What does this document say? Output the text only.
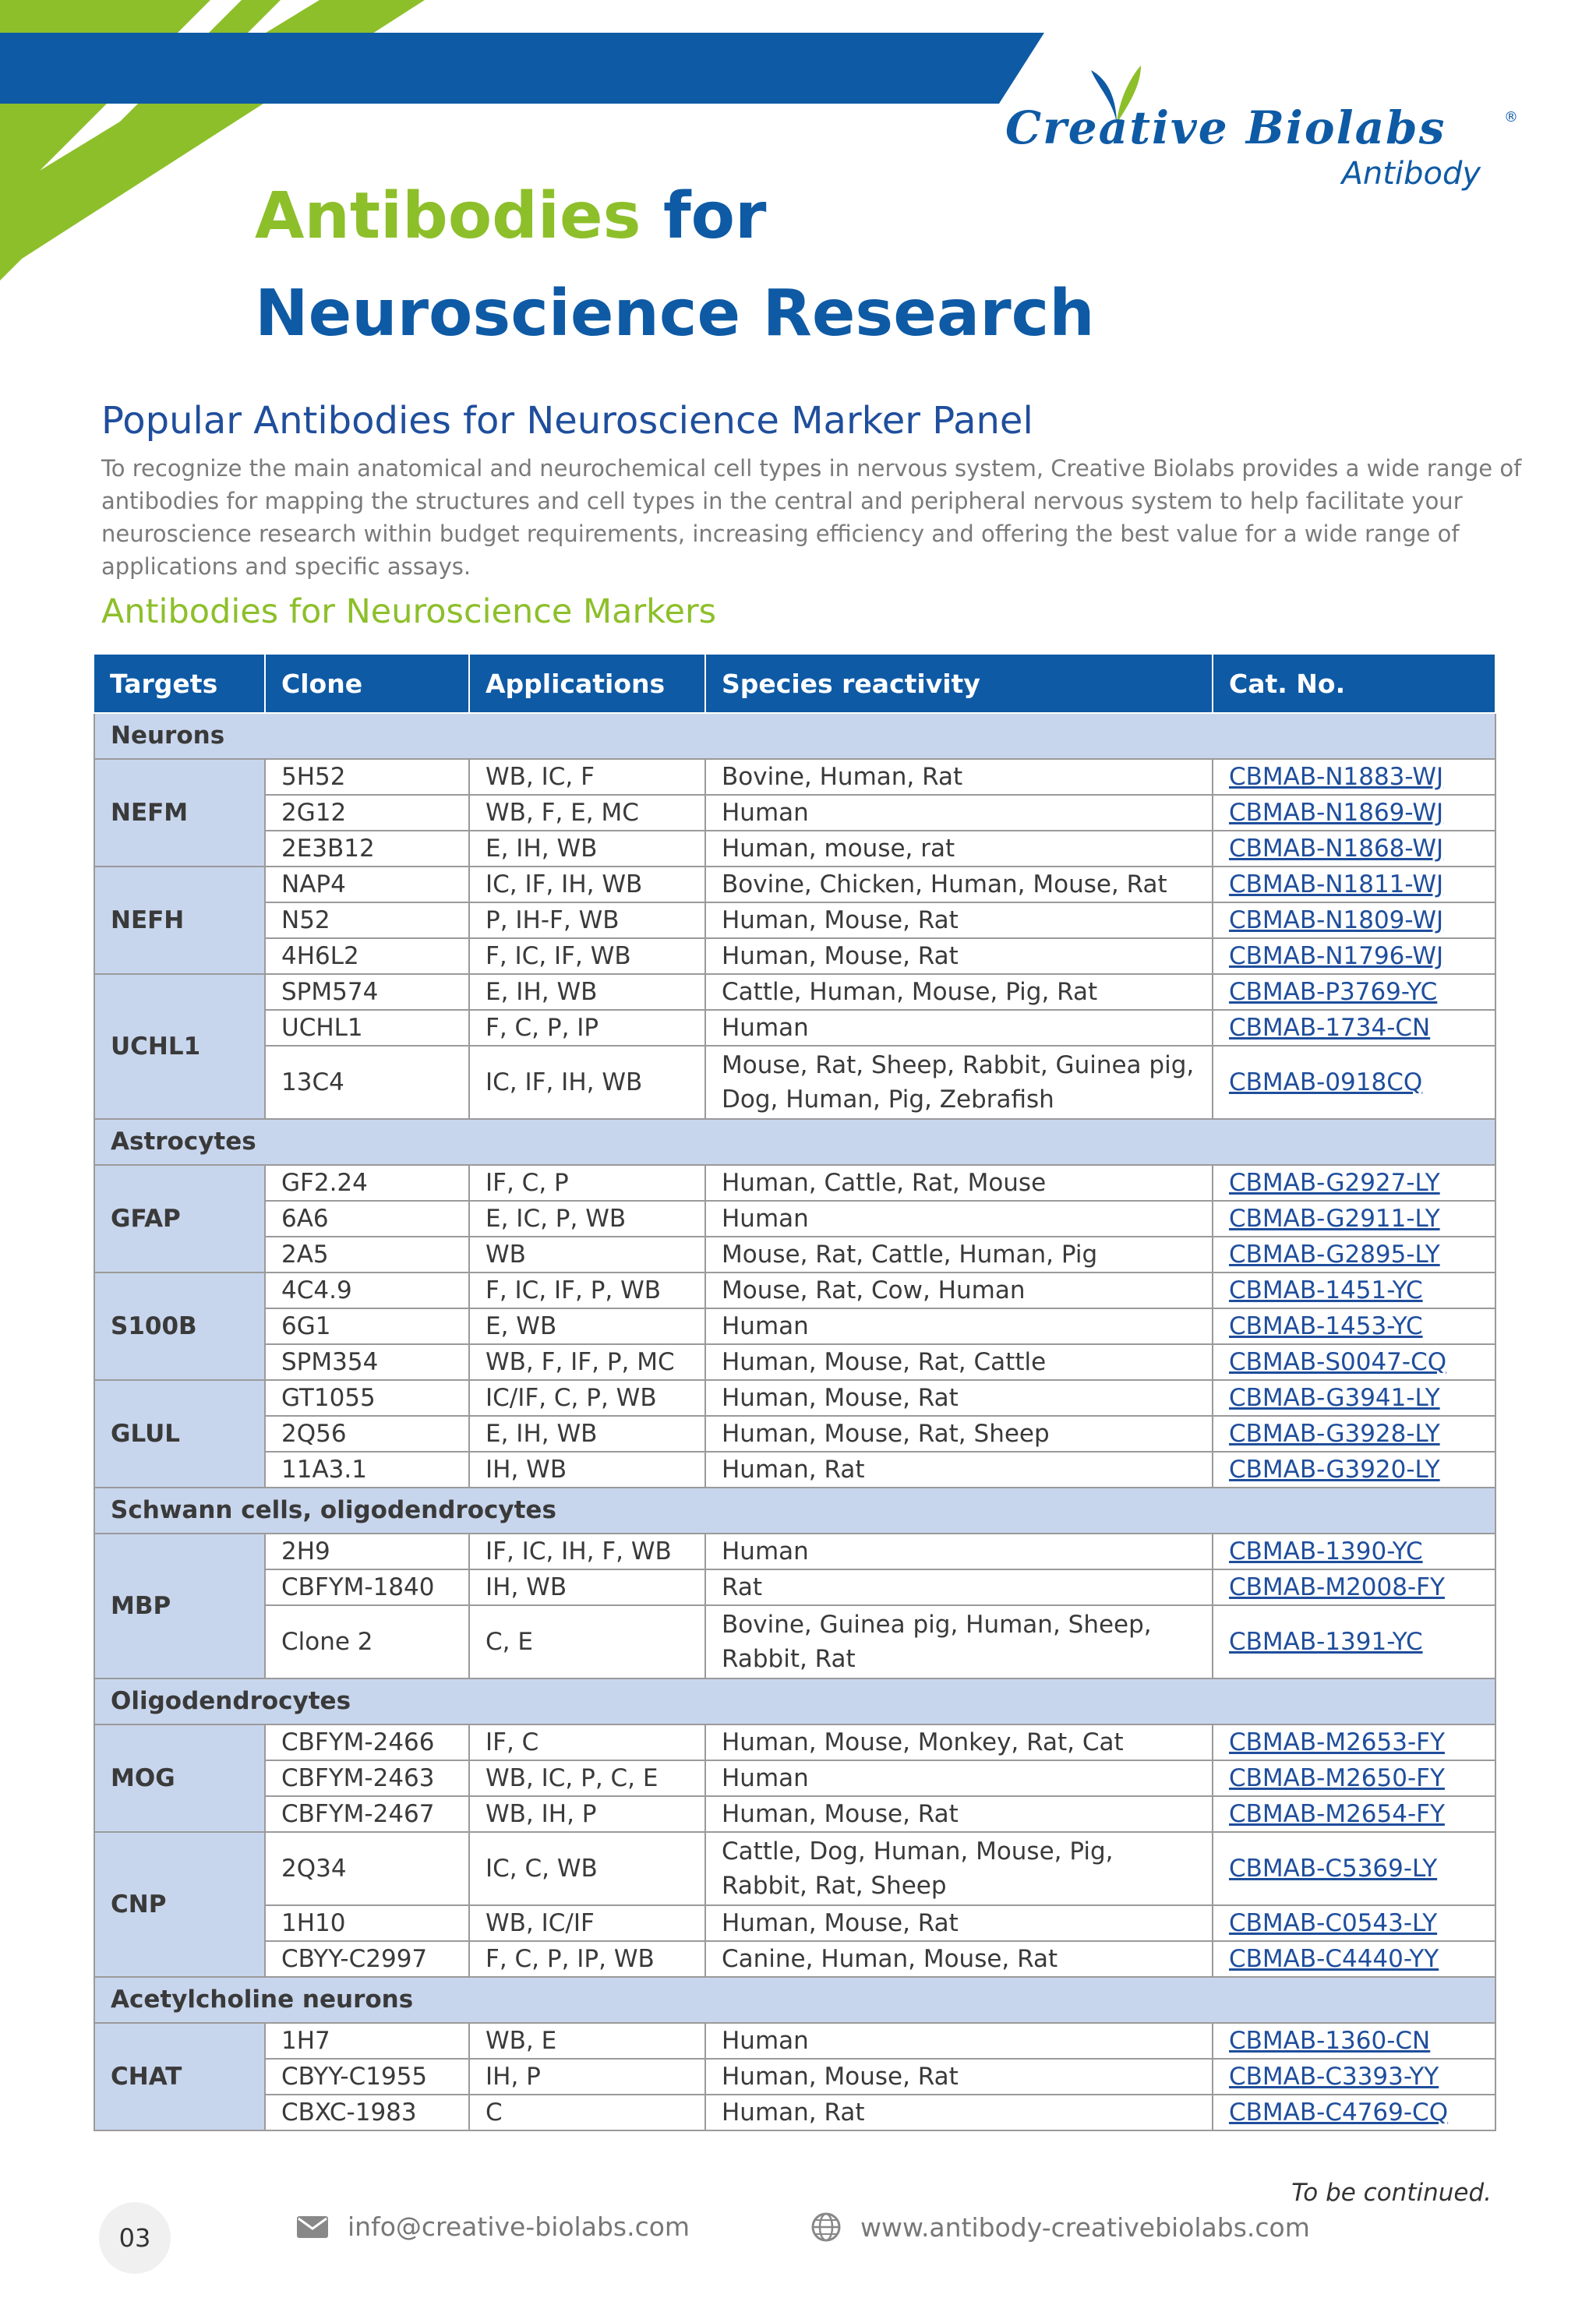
Creative Biolabs	®
Antibody
Antibodies for
Neuroscience Research
Popular Antibodies for Neuroscience Marker Panel
To recognize the main anatomical and neurochemical cell types in nervous system, Creative Biolabs provides a wide range of antibodies for mapping the structures and cell types in the central and peripheral nervous system to help facilitate your neuroscience research within budget requirements, increasing efficiency and offering the best value for a wide range of applications and specific assays.
Antibodies for Neuroscience Markers
Targets	Clone	Applications	Species reactivity	Cat. No.
Neurons				
NEFM	5H52	WB, IC, F	Bovine, Human, Rat	CBMAB-N1883-WJ
	2G12	WB, F, E, MC	Human	CBMAB-N1869-WJ
	2E3B12	E, IH, WB	Human, mouse, rat	CBMAB-N1868-WJ
NEFH	NAP4	IC, IF, IH, WB	Bovine, Chicken, Human, Mouse, Rat	CBMAB-N1811-WJ
	N52	P, IH-F, WB	Human, Mouse, Rat	CBMAB-N1809-WJ
	4H6L2	F, IC, IF, WB	Human, Mouse, Rat	CBMAB-N1796-WJ
UCHL1	SPM574	E, IH, WB	Cattle, Human, Mouse, Pig, Rat	CBMAB-P3769-YC
	UCHL1	F, C, P, IP	Human	CBMAB-1734-CN
	13C4	IC, IF, IH, WB	Mouse, Rat, Sheep, Rabbit, Guinea pig, Dog, Human, Pig, Zebrafish	CBMAB-0918CQ
Astrocytes				
GFAP	GF2.24	IF, C, P	Human, Cattle, Rat, Mouse	CBMAB-G2927-LY
	6A6	E, IC, P, WB	Human	CBMAB-G2911-LY
	2A5	WB	Mouse, Rat, Cattle, Human, Pig	CBMAB-G2895-LY
S100B	4C4.9	F, IC, IF, P, WB	Mouse, Rat, Cow, Human	CBMAB-1451-YC
	6G1	E, WB	Human	CBMAB-1453-YC
	SPM354	WB, F, IF, P, MC	Human, Mouse, Rat, Cattle	CBMAB-S0047-CQ
GLUL	GT1055	IC/IF, C, P, WB	Human, Mouse, Rat	CBMAB-G3941-LY
	2Q56	E, IH, WB	Human, Mouse, Rat, Sheep	CBMAB-G3928-LY
	11A3.1	IH, WB	Human, Rat	CBMAB-G3920-LY
Schwann cells, oligodendrocytes				
MBP	2H9	IF, IC, IH, F, WB	Human	CBMAB-1390-YC
	CBFYM-1840	IH, WB	Rat	CBMAB-M2008-FY
	Clone 2	C, E	Bovine, Guinea pig, Human, Sheep, Rabbit, Rat	CBMAB-1391-YC
Oligodendrocytes				
MOG	CBFYM-2466	IF, C	Human, Mouse, Monkey, Rat, Cat	CBMAB-M2653-FY
	CBFYM-2463	WB, IC, P, C, E	Human	CBMAB-M2650-FY
	CBFYM-2467	WB, IH, P	Human, Mouse, Rat	CBMAB-M2654-FY
CNP	2Q34	IC, C, WB	Cattle, Dog, Human, Mouse, Pig, Rabbit, Rat, Sheep	CBMAB-C5369-LY
	1H10	WB, IC/IF	Human, Mouse, Rat	CBMAB-C0543-LY
	CBYY-C2997	F, C, P, IP, WB	Canine, Human, Mouse, Rat	CBMAB-C4440-YY
Acetylcholine neurons				
CHAT	1H7	WB, E	Human	CBMAB-1360-CN
	CBYY-C1955	IH, P	Human, Mouse, Rat	CBMAB-C3393-YY
	CBXC-1983	C	Human, Rat	CBMAB-C4769-CQ
To be continued.
03	info@creative-biolabs.com	www.antibody-creativebiolabs.com
